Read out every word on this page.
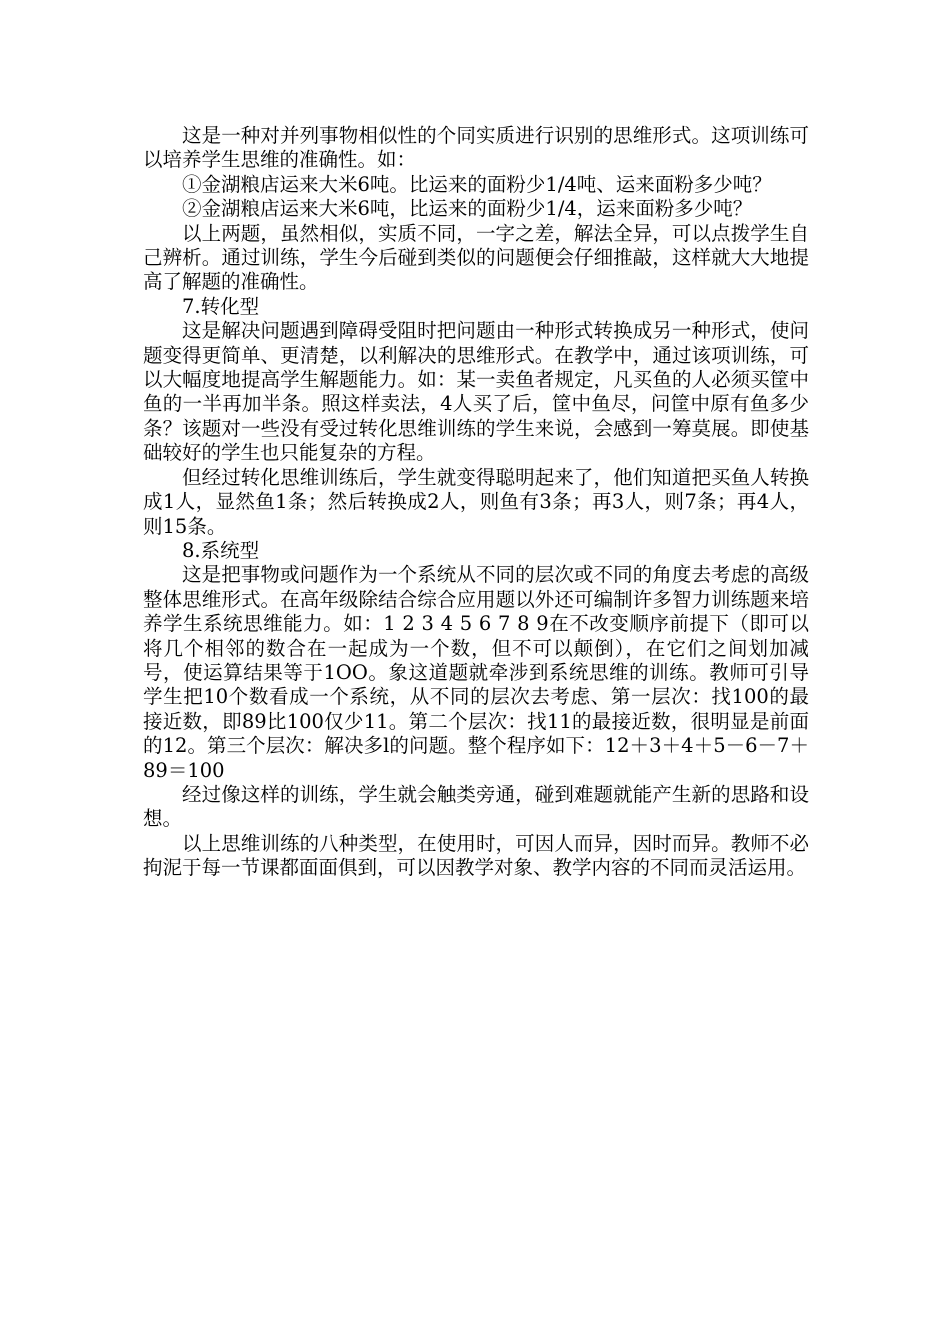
这是一种对并列事物相似性的个同实质进行识别的思维形式。这项训练可以培养学生思维的准确性。如：

①金湖粮店运来大米6吨。比运来的面粉少1/4吨、运来面粉多少吨？

②金湖粮店运来大米6吨，比运来的面粉少1/4，运来面粉多少吨？

以上两题，虽然相似，实质不同，一字之差，解法全异，可以点拨学生自己辨析。通过训练，学生今后碰到类似的问题便会仔细推敲，这样就大大地提高了解题的准确性。

7.转化型

这是解决问题遇到障碍受阻时把问题由一种形式转换成另一种形式，使问题变得更简单、更清楚，以利解决的思维形式。在教学中，通过该项训练，可以大幅度地提高学生解题能力。如：某一卖鱼者规定，凡买鱼的人必须买筐中鱼的一半再加半条。照这样卖法，4人买了后，筐中鱼尽，问筐中原有鱼多少条？该题对一些没有受过转化思维训练的学生来说，会感到一筹莫展。即使基础较好的学生也只能复杂的方程。

但经过转化思维训练后，学生就变得聪明起来了，他们知道把买鱼人转换成1人，显然鱼1条；然后转换成2人，则鱼有3条；再3人，则7条；再4人，则15条。

8.系统型

这是把事物或问题作为一个系统从不同的层次或不同的角度去考虑的高级整体思维形式。在高年级除结合综合应用题以外还可编制许多智力训练题来培养学生系统思维能力。如：1 2 3 4 5 6 7 8 9在不改变顺序前提下（即可以将几个相邻的数合在一起成为一个数，但不可以颠倒），在它们之间划加减号，使运算结果等于1OO。象这道题就牵涉到系统思维的训练。教师可引导学生把10个数看成一个系统，从不同的层次去考虑、第一层次：找100的最接近数，即89比100仅少11。第二个层次：找11的最接近数，很明显是前面的12。第三个层次：解决多l的问题。整个程序如下：12＋3＋4＋5－6－7＋89＝100

经过像这样的训练，学生就会触类旁通，碰到难题就能产生新的思路和设想。

以上思维训练的八种类型，在使用时，可因人而异，因时而异。教师不必拘泥于每一节课都面面俱到，可以因教学对象、教学内容的不同而灵活运用。
